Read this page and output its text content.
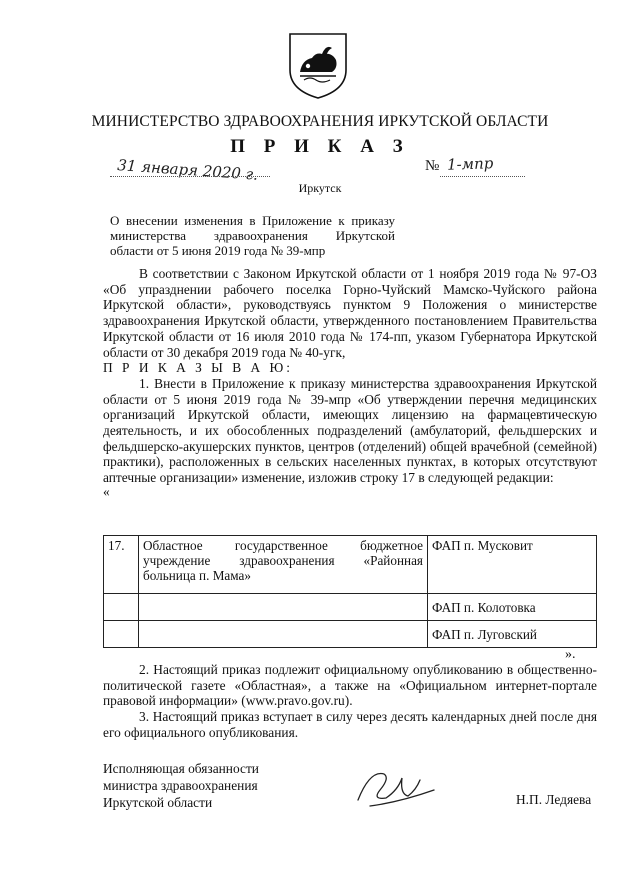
МИНИСТЕРСТВО ЗДРАВООХРАНЕНИЯ ИРКУТСКОЙ ОБЛАСТИ
П Р И К А З
31 января 2020 г.	№ 1-мпр
Иркутск
О внесении изменения в Приложение к приказу
министерства здравоохранения Иркутской
области от 5 июня 2019 года № 39-мпр
В соответствии с Законом Иркутской области от 1 ноября 2019 года № 97-ОЗ «Об упразднении рабочего поселка Горно-Чуйский Мамско-Чуйского района Иркутской области», руководствуясь пунктом 9 Положения о министерстве здравоохранения Иркутской области, утвержденного постановлением Правительства Иркутской области от 16 июля 2010 года № 174-пп, указом Губернатора Иркутской области от 30 декабря 2019 года № 40-угк,
П Р И К А З Ы В А Ю:
1. Внести в Приложение к приказу министерства здравоохранения Иркутской области от 5 июня 2019 года № 39-мпр «Об утверждении перечня медицинских организаций Иркутской области, имеющих лицензию на фармацевтическую деятельность, и их обособленных подразделений (амбулаторий, фельдшерских и фельдшерско-акушерских пунктов, центров (отделений) общей врачебной (семейной) практики), расположенных в сельских населенных пунктах, в которых отсутствуют аптечные организации» изменение, изложив строку 17 в следующей редакции:
«
17.	Областное государственное бюджетное учреждение здравоохранения «Районная больница п. Мама»	ФАП п. Мусковит
		ФАП п. Колотовка
		ФАП п. Луговский
».
2. Настоящий приказ подлежит официальному опубликованию в общественно-политической газете «Областная», а также на «Официальном интернет-портале правовой информации» (www.pravo.gov.ru).
3. Настоящий приказ вступает в силу через десять календарных дней после дня его официального опубликования.
Исполняющая обязанности
министра здравоохранения
Иркутской области	Н.П. Ледяева
